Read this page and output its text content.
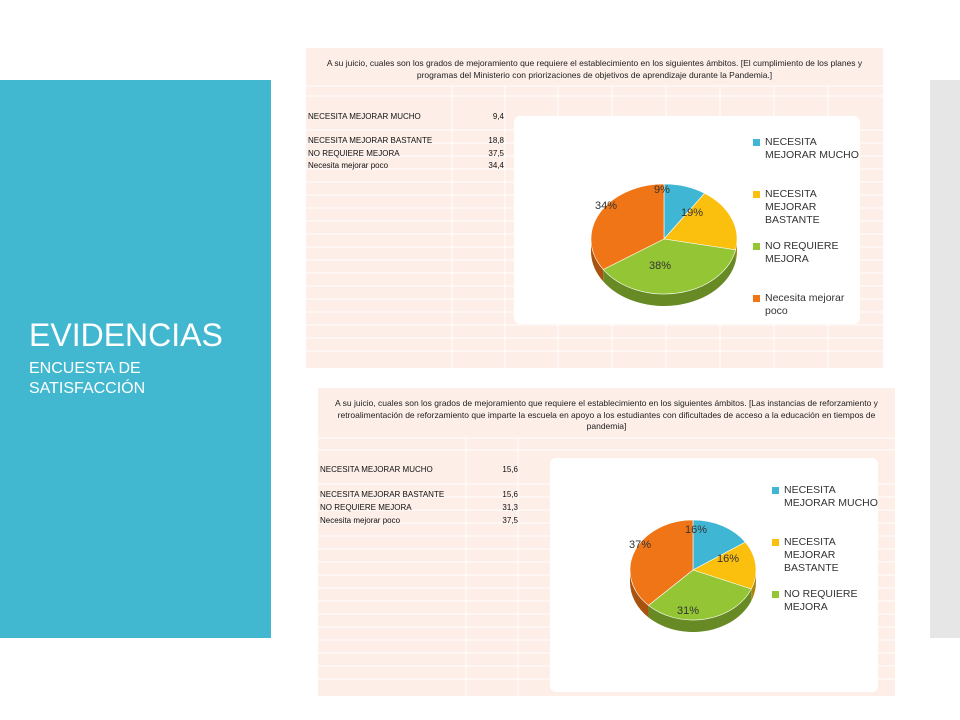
EVIDENCIAS
ENCUESTA DE SATISFACCIÓN
A su juicio, cuales son los grados de mejoramiento que requiere el establecimiento en los siguientes ámbitos. [El cumplimiento de los planes y programas del Ministerio con priorizaciones de objetivos de aprendizaje durante la Pandemia.]
NECESITA MEJORAR MUCHO	9,4
NECESITA MEJORAR BASTANTE	18,8
NO REQUIERE MEJORA	37,5
Necesita mejorar poco	34,4
9%
19%
38%
34%
NECESITA MEJORAR MUCHO
NECESITA MEJORAR BASTANTE
NO REQUIERE MEJORA
Necesita mejorar poco
A su juicio, cuales son los grados de mejoramiento que requiere el establecimiento en los siguientes ámbitos. [Las instancias de reforzamiento y retroalimentación de reforzamiento que imparte la escuela en apoyo a los estudiantes con dificultades de acceso a la educación en tiempos de pandemia]
NECESITA MEJORAR MUCHO	15,6
NECESITA MEJORAR BASTANTE	15,6
NO REQUIERE MEJORA	31,3
Necesita mejorar poco	37,5
16%
16%
31%
37%
NECESITA MEJORAR MUCHO
NECESITA MEJORAR BASTANTE
NO REQUIERE MEJORA
